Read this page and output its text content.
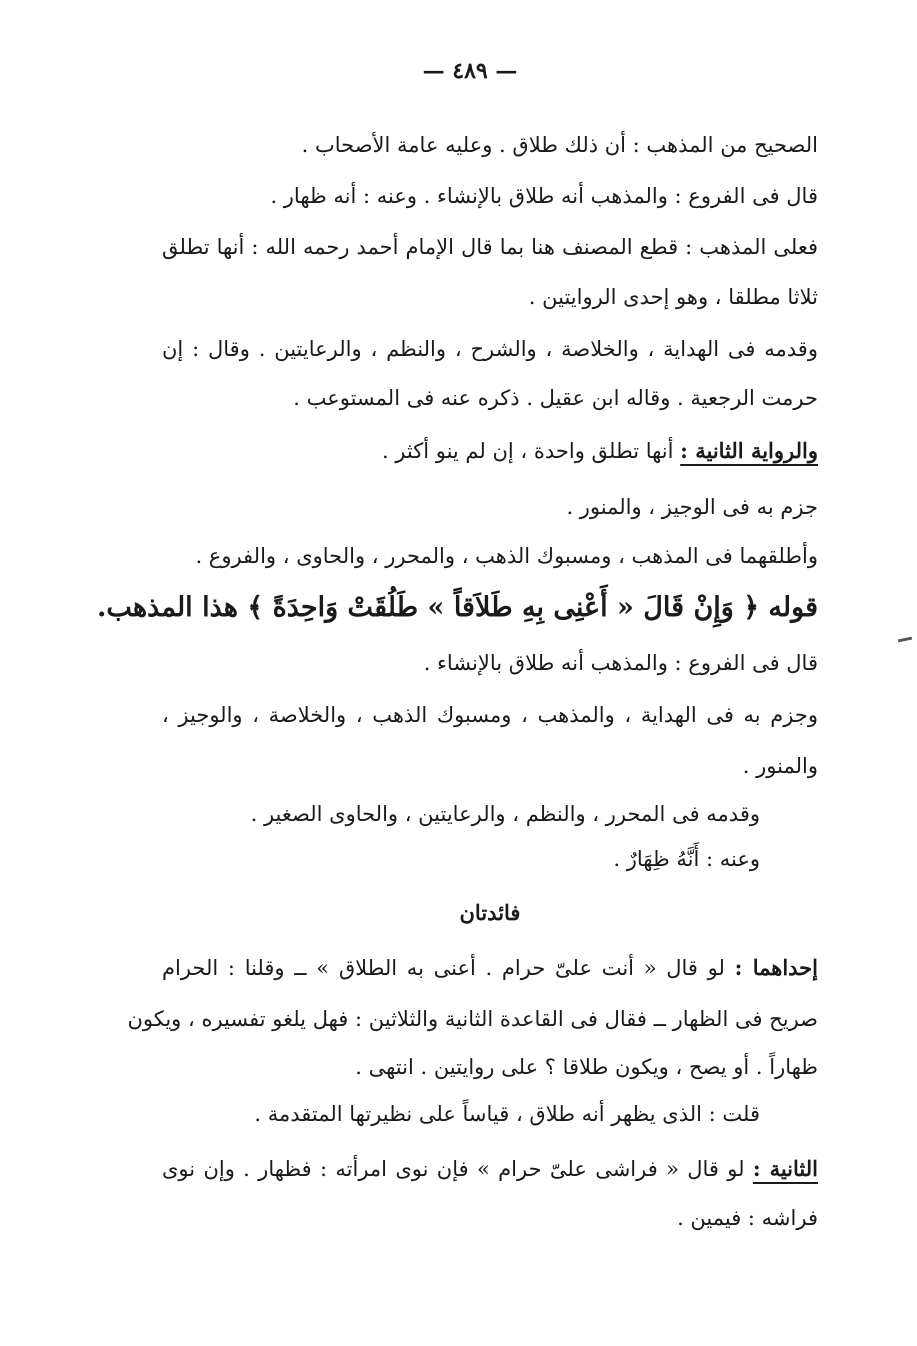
— ٤٨٩ —
الصحيح من المذهب : أن ذلك طلاق . وعليه عامة الأصحاب .
قال فى الفروع : والمذهب أنه طلاق بالإنشاء . وعنه : أنه ظهار .
فعلى المذهب : قطع المصنف هنا بما قال الإمام أحمد رحمه الله : أنها تطلق
ثلاثا مطلقا ، وهو إحدى الروايتين .
وقدمه فى الهداية ، والخلاصة ، والشرح ، والنظم ، والرعايتين . وقال : إن
حرمت الرجعية . وقاله ابن عقيل . ذكره عنه فى المستوعب .
والرواية الثانية : أنها تطلق واحدة ، إن لم ينو أكثر .
جزم به فى الوجيز ، والمنور .
وأطلقهما فى المذهب ، ومسبوك الذهب ، والمحرر ، والحاوى ، والفروع .
قوله ﴿ وَإِنْ قَالَ « أَعْنِى بِهِ طَلاَقاً » طَلُقَتْ وَاحِدَةً ﴾ هذا المذهب.
قال فى الفروع : والمذهب أنه طلاق بالإنشاء .
وجزم به فى الهداية ، والمذهب ، ومسبوك الذهب ، والخلاصة ، والوجيز ،
والمنور .
وقدمه فى المحرر ، والنظم ، والرعايتين ، والحاوى الصغير .
وعنه : أَنَّهُ ظِهَارٌ .
فائدتان
إحداهما : لو قال « أنت علىّ حرام . أعنى به الطلاق » ــ وقلنا : الحرام
صريح فى الظهار ــ فقال فى القاعدة الثانية والثلاثين : فهل يلغو تفسيره ، ويكون
ظهاراً . أو يصح ، ويكون طلاقا ؟ على روايتين . انتهى .
قلت : الذى يظهر أنه طلاق ، قياساً على نظيرتها المتقدمة .
الثانية : لو قال « فراشى علىّ حرام » فإن نوى امرأته : فظهار . وإن نوى
فراشه : فيمين .
